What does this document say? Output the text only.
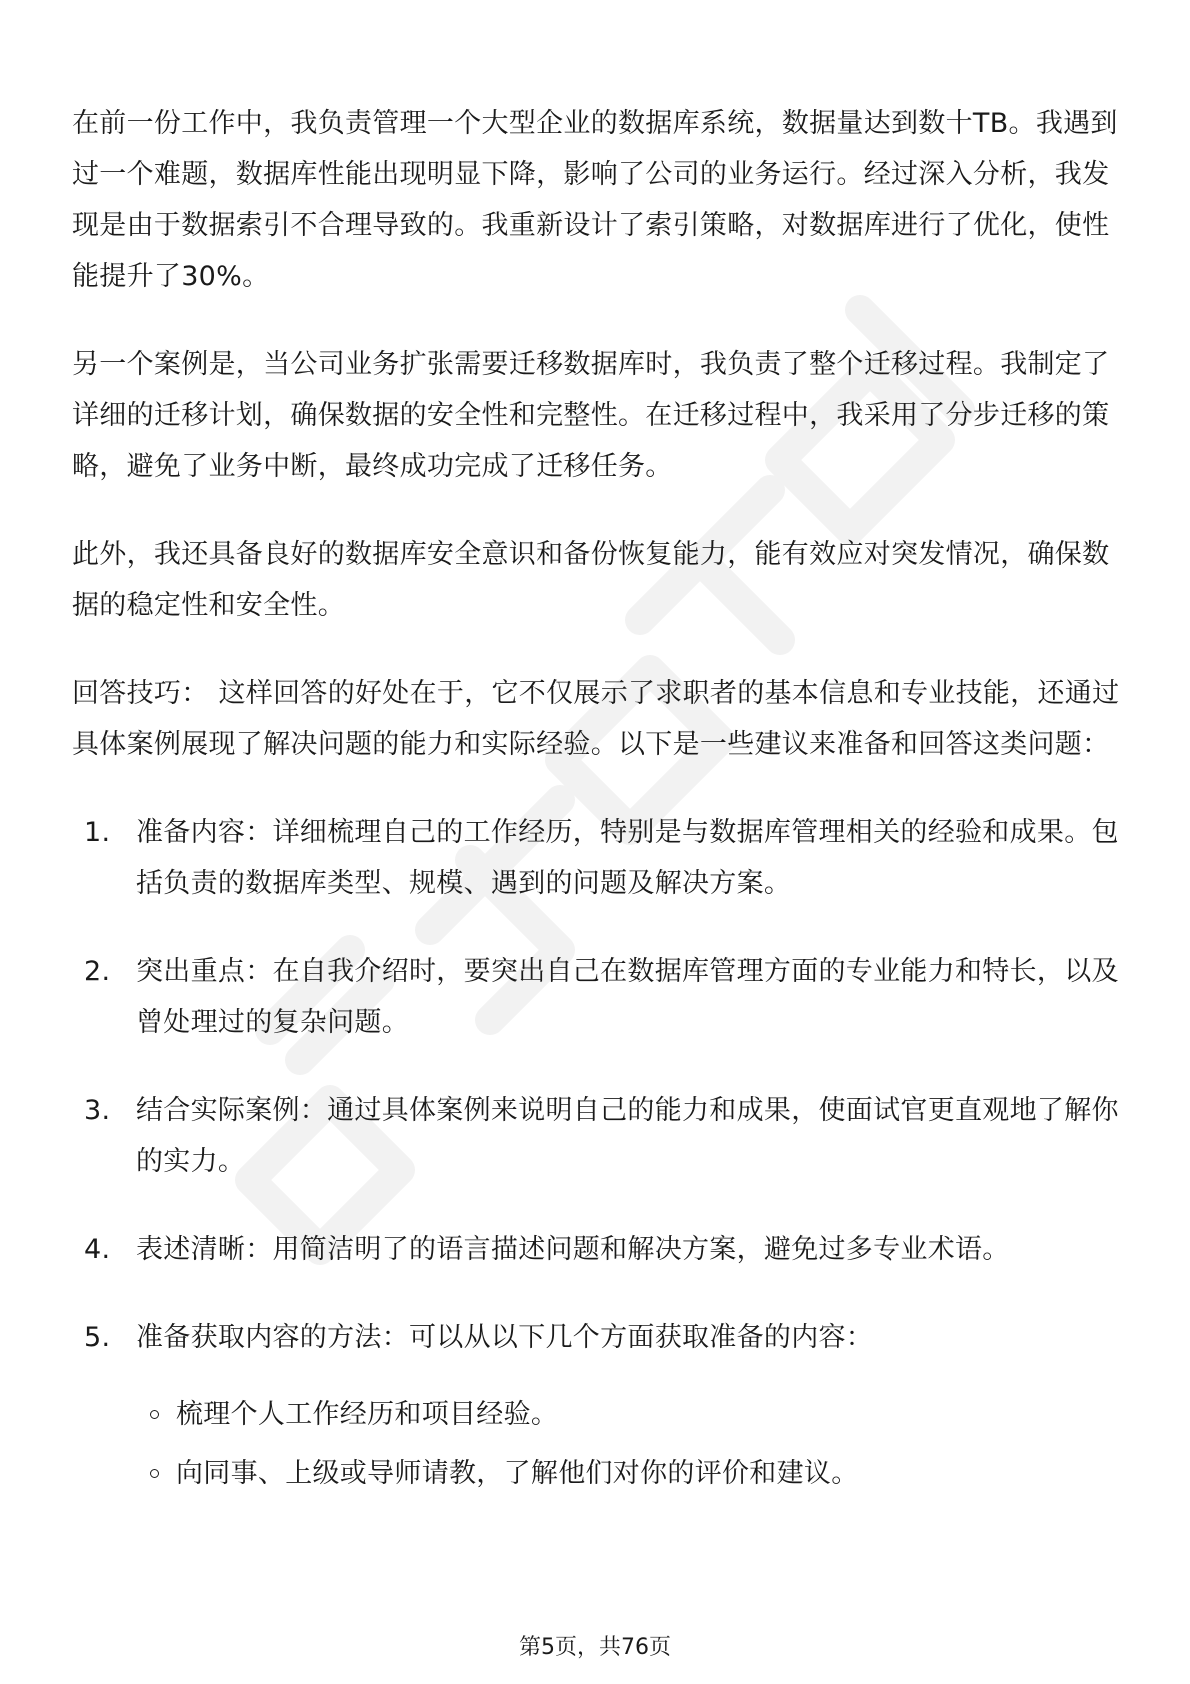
在前一份工作中，我负责管理一个大型企业的数据库系统，数据量达到数十TB。我遇到过一个难题，数据库性能出现明显下降，影响了公司的业务运行。经过深入分析，我发现是由于数据索引不合理导致的。我重新设计了索引策略，对数据库进行了优化，使性能提升了30%。

另一个案例是，当公司业务扩张需要迁移数据库时，我负责了整个迁移过程。我制定了详细的迁移计划，确保数据的安全性和完整性。在迁移过程中，我采用了分步迁移的策略，避免了业务中断，最终成功完成了迁移任务。

此外，我还具备良好的数据库安全意识和备份恢复能力，能有效应对突发情况，确保数据的稳定性和安全性。

回答技巧： 这样回答的好处在于，它不仅展示了求职者的基本信息和专业技能，还通过具体案例展现了解决问题的能力和实际经验。以下是一些建议来准备和回答这类问题：

1. 准备内容：详细梳理自己的工作经历，特别是与数据库管理相关的经验和成果。包括负责的数据库类型、规模、遇到的问题及解决方案。
2. 突出重点：在自我介绍时，要突出自己在数据库管理方面的专业能力和特长，以及曾处理过的复杂问题。
3. 结合实际案例：通过具体案例来说明自己的能力和成果，使面试官更直观地了解你的实力。
4. 表述清晰：用简洁明了的语言描述问题和解决方案，避免过多专业术语。
5. 准备获取内容的方法：可以从以下几个方面获取准备的内容：
梳理个人工作经历和项目经验。
向同事、上级或导师请教，了解他们对你的评价和建议。
第5页，共76页
